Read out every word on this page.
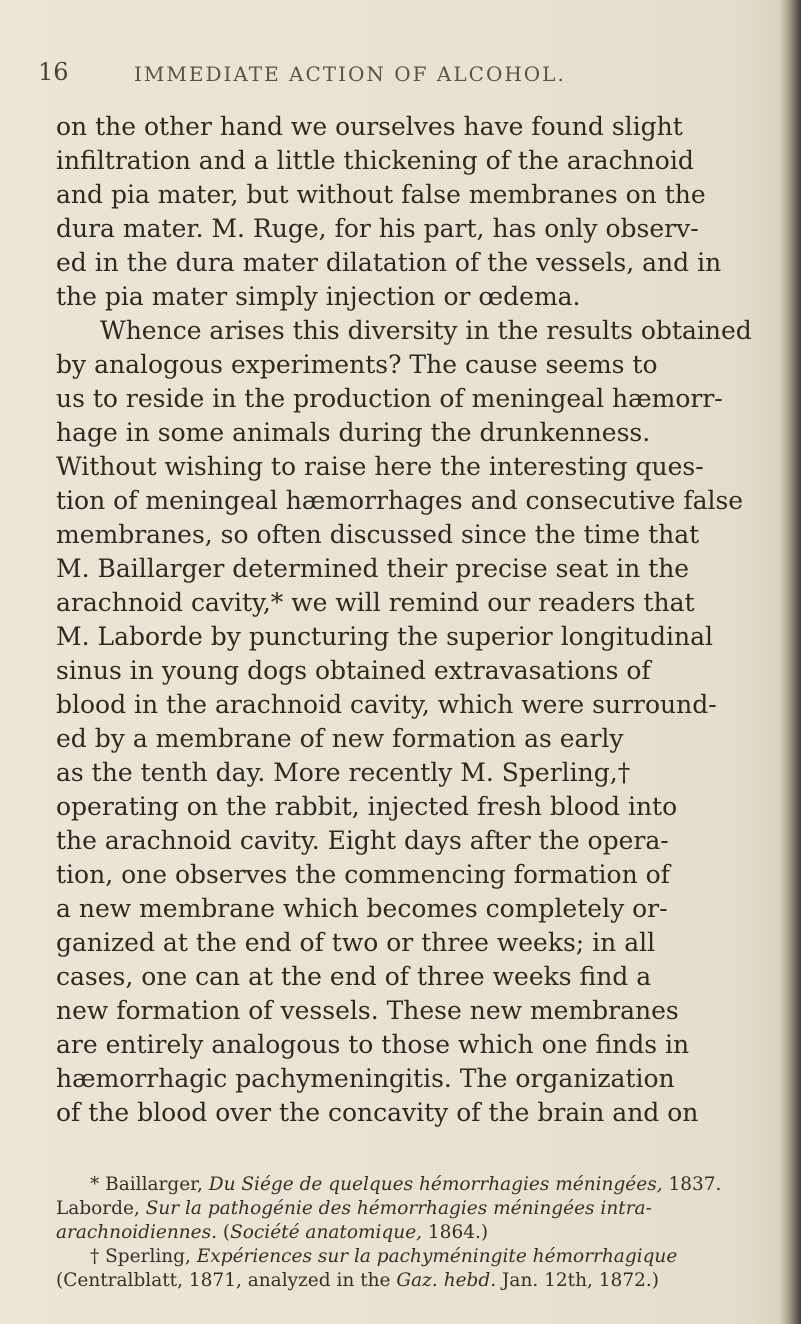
16	IMMEDIATE ACTION OF ALCOHOL.
on the other hand we ourselves have found slight
infiltration and a little thickening of the arachnoid
and pia mater, but without false membranes on the
dura mater. M. Ruge, for his part, has only observ-
ed in the dura mater dilatation of the vessels, and in
the pia mater simply injection or œdema.
Whence arises this diversity in the results obtained
by analogous experiments? The cause seems to
us to reside in the production of meningeal hæmorr-
hage in some animals during the drunkenness.
Without wishing to raise here the interesting ques-
tion of meningeal hæmorrhages and consecutive false
membranes, so often discussed since the time that
M. Baillarger determined their precise seat in the
arachnoid cavity,* we will remind our readers that
M. Laborde by puncturing the superior longitudinal
sinus in young dogs obtained extravasations of
blood in the arachnoid cavity, which were surround-
ed by a membrane of new formation as early
as the tenth day. More recently M. Sperling,†
operating on the rabbit, injected fresh blood into
the arachnoid cavity. Eight days after the opera-
tion, one observes the commencing formation of
a new membrane which becomes completely or-
ganized at the end of two or three weeks; in all
cases, one can at the end of three weeks find a
new formation of vessels. These new membranes
are entirely analogous to those which one finds in
hæmorrhagic pachymeningitis. The organization
of the blood over the concavity of the brain and on
* Baillarger, Du Siége de quelques hémorrhagies méningées, 1837.
Laborde, Sur la pathogénie des hémorrhagies méningées intra-
arachnoidiennes. (Société anatomique, 1864.)
† Sperling, Expériences sur la pachyméningite hémorrhagique
(Centralblatt, 1871, analyzed in the Gaz. hebd. Jan. 12th, 1872.)
